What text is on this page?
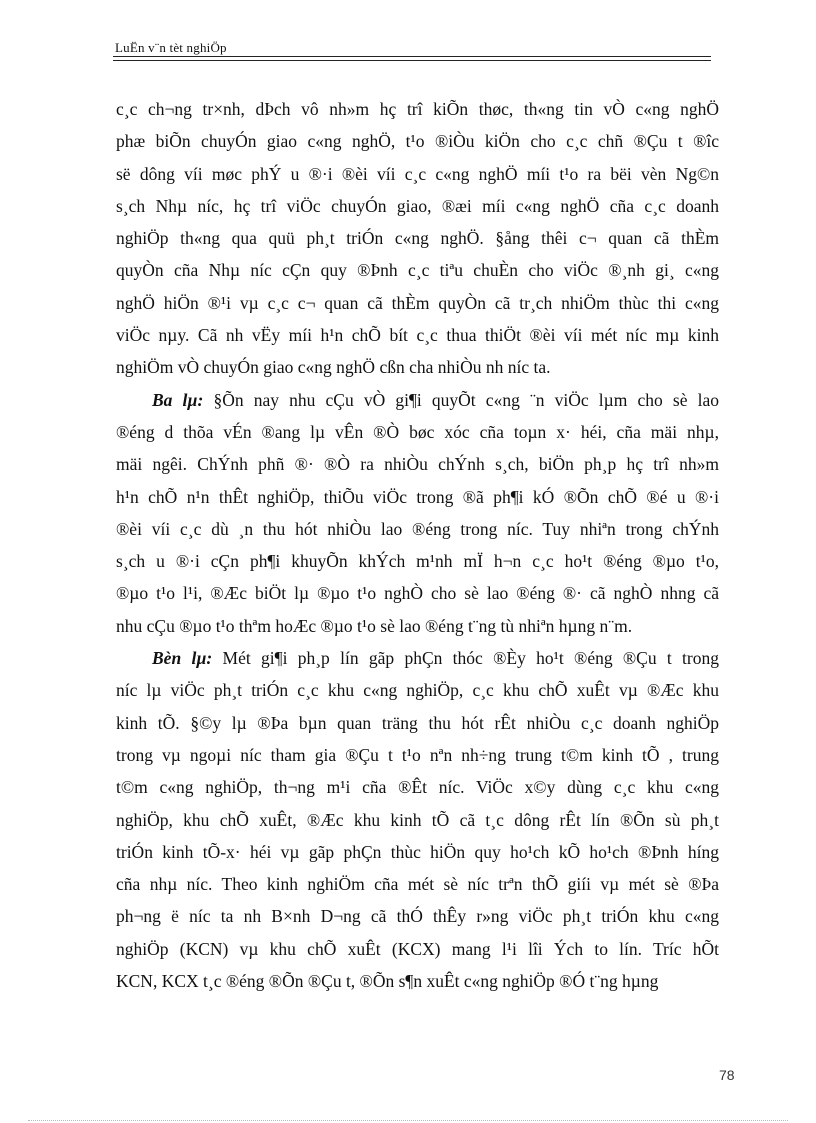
LuËn v¨n tèt nghiÖp
c¸c ch¬ng tr×nh, dÞch vô nh»m hç trî kiÕn thøc, th«ng tin vÒ c«ng nghÖ
phæ biÕn chuyÓn giao c«ng nghÖ, t¹o ®iÒu kiÖn cho c¸c chñ ®Çu t ®îc
së dông víi møc phÝ u ®·i ®èi víi c¸c c«ng nghÖ míi t¹o ra bëi vèn Ng©n
s¸ch Nhµ níc, hç trî viÖc chuyÓn giao, ®æi míi c«ng nghÖ cña c¸c doanh
nghiÖp th«ng qua quü ph¸t triÓn c«ng nghÖ. §ång thêi c¬ quan cã thÈm
quyÒn cña Nhµ níc cÇn quy ®Þnh c¸c tiªu chuÈn cho viÖc ®¸nh gi¸ c«ng
nghÖ hiÖn ®¹i vµ c¸c c¬ quan cã thÈm quyÒn cã tr¸ch nhiÖm thùc thi c«ng
viÖc nµy. Cã nh vËy míi h¹n chÕ bít c¸c thua thiÖt ®èi víi mét níc mµ kinh
nghiÖm vÒ chuyÓn giao c«ng nghÖ cßn cha nhiÒu nh níc ta.
Ba lµ: §Õn nay nhu cÇu vÒ gi¶i quyÕt c«ng ¨n viÖc lµm cho sè lao
®éng d thõa vÉn ®ang lµ vÊn ®Ò bøc xóc cña toµn x· héi, cña mäi nhµ,
mäi ngêi. ChÝnh phñ ®· ®Ò ra nhiÒu chÝnh s¸ch, biÖn ph¸p hç trî nh»m
h¹n chÕ n¹n thÊt nghiÖp, thiÕu viÖc trong ®ã ph¶i kÓ ®Õn chÕ ®é u ®·i
®èi víi c¸c dù ¸n thu hót nhiÒu lao ®éng trong níc. Tuy nhiªn trong chÝnh
s¸ch u ®·i cÇn ph¶i khuyÕn khÝch m¹nh mÏ h¬n c¸c ho¹t ®éng ®µo t¹o,
®µo t¹o l¹i, ®Æc biÖt lµ ®µo t¹o nghÒ cho sè lao ®éng ®· cã nghÒ nhng cã
nhu cÇu ®µo t¹o thªm hoÆc ®µo t¹o sè lao ®éng t¨ng tù nhiªn hµng n¨m.
Bèn lµ: Mét gi¶i ph¸p lín gãp phÇn thóc ®Èy ho¹t ®éng ®Çu t trong
níc lµ viÖc ph¸t triÓn c¸c khu c«ng nghiÖp, c¸c khu chÕ xuÊt vµ ®Æc khu
kinh tÕ. §©y lµ ®Þa bµn quan träng thu hót rÊt nhiÒu c¸c doanh nghiÖp
trong vµ ngoµi níc tham gia ®Çu t t¹o nªn nh÷ng trung t©m kinh tÕ , trung
t©m c«ng nghiÖp, th¬ng m¹i cña ®Êt níc. ViÖc x©y dùng c¸c khu c«ng
nghiÖp, khu chÕ xuÊt, ®Æc khu kinh tÕ cã t¸c dông rÊt lín ®Õn sù ph¸t
triÓn kinh tÕ-x· héi vµ gãp phÇn thùc hiÖn quy ho¹ch kÕ ho¹ch ®Þnh híng
cña nhµ níc. Theo kinh nghiÖm cña mét sè níc trªn thÕ giíi vµ mét sè ®Þa
ph¬ng ë níc ta nh B×nh D¬ng cã thÓ thÊy r»ng viÖc ph¸t triÓn khu c«ng
nghiÖp (KCN) vµ khu chÕ xuÊt (KCX) mang l¹i lîi Ých to lín. Tríc hÕt
KCN, KCX t¸c ®éng ®Õn ®Çu t, ®Õn s¶n xuÊt c«ng nghiÖp ®Ó t¨ng hµng
78
